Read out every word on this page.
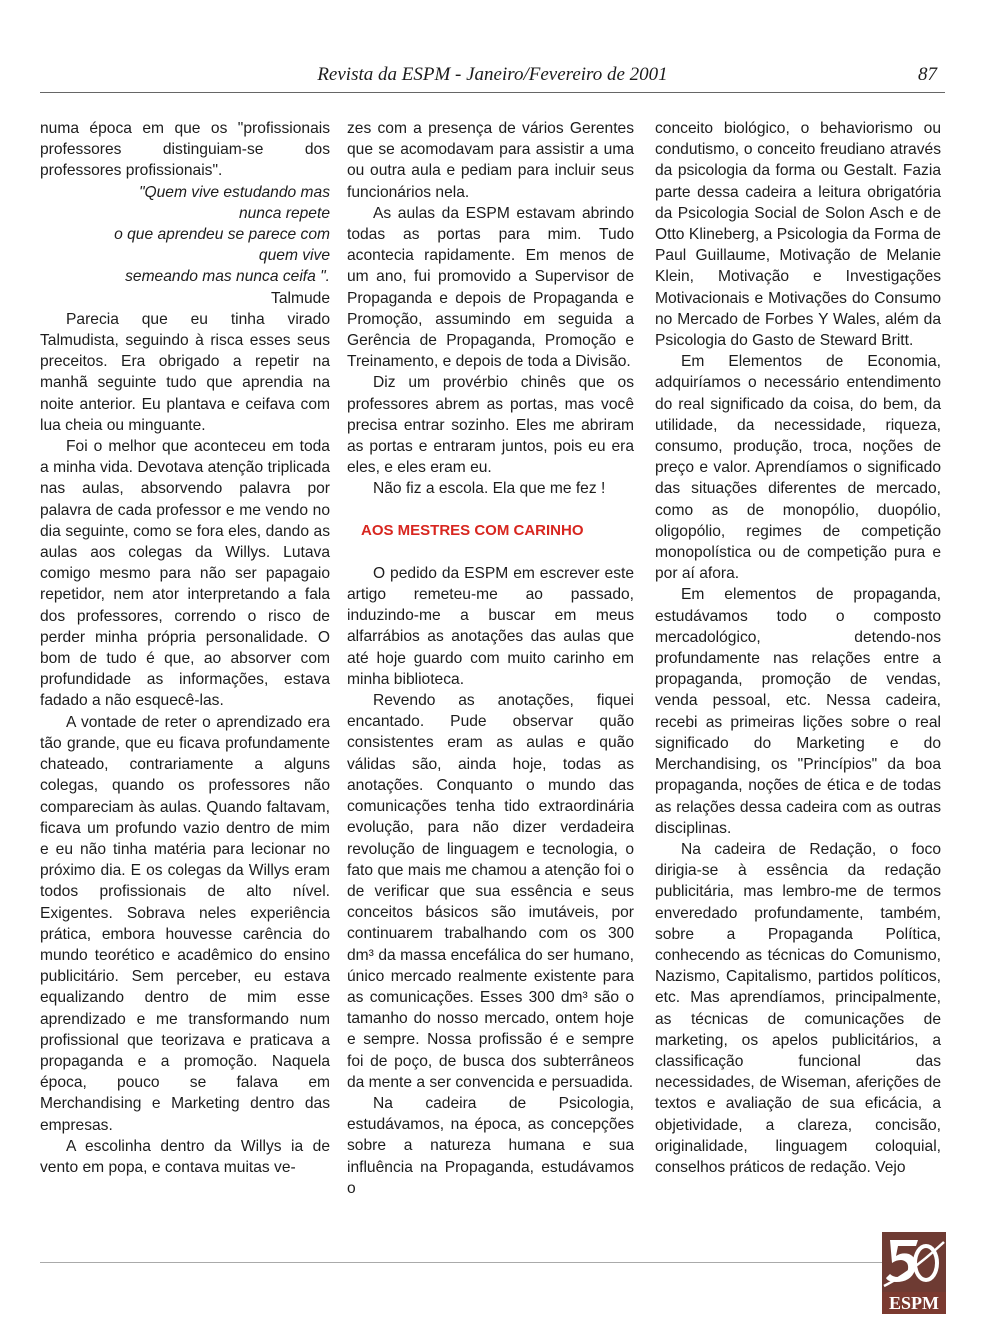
Revista da ESPM - Janeiro/Fevereiro de 2001	87

numa época em que os "profissionais professores distinguiam-se dos professores profissionais".

"Quem vive estudando mas
nunca repete
o que aprendeu se parece com
quem vive
semeando mas nunca ceifa ".
Talmude

Parecia que eu tinha virado Talmudista, seguindo à risca esses seus preceitos. Era obrigado a repetir na manhã seguinte tudo que aprendia na noite anterior. Eu plantava e ceifava com lua cheia ou minguante.

Foi o melhor que aconteceu em toda a minha vida. Devotava atenção triplicada nas aulas, absorvendo palavra por palavra de cada professor e me vendo no dia seguinte, como se fora eles, dando as aulas aos colegas da Willys. Lutava comigo mesmo para não ser papagaio repetidor, nem ator interpretando a fala dos professores, correndo o risco de perder minha própria personalidade. O bom de tudo é que, ao absorver com profundidade as informações, estava fadado a não esquecê-las.

A vontade de reter o aprendizado era tão grande, que eu ficava profundamente chateado, contrariamente a alguns colegas, quando os professores não compareciam às aulas. Quando faltavam, ficava um profundo vazio dentro de mim e eu não tinha matéria para lecionar no próximo dia. E os colegas da Willys eram todos profissionais de alto nível. Exigentes. Sobrava neles experiência prática, embora houvesse carência do mundo teorético e acadêmico do ensino publicitário. Sem perceber, eu estava equalizando dentro de mim esse aprendizado e me transformando num profissional que teorizava e praticava a propaganda e a promoção. Naquela época, pouco se falava em Merchandising e Marketing dentro das empresas.

A escolinha dentro da Willys ia de vento em popa, e contava muitas ve-

zes com a presença de vários Gerentes que se acomodavam para assistir a uma ou outra aula e pediam para incluir seus funcionários nela.

As aulas da ESPM estavam abrindo todas as portas para mim. Tudo acontecia rapidamente. Em menos de um ano, fui promovido a Supervisor de Propaganda e depois de Propaganda e Promoção, assumindo em seguida a Gerência de Propaganda, Promoção e Treinamento, e depois de toda a Divisão.

Diz um provérbio chinês que os professores abrem as portas, mas você precisa entrar sozinho. Eles me abriram as portas e entraram juntos, pois eu era eles, e eles eram eu.

Não fiz a escola. Ela que me fez !

AOS MESTRES COM CARINHO

O pedido da ESPM em escrever este artigo remeteu-me ao passado, induzindo-me a buscar em meus alfarrábios as anotações das aulas que até hoje guardo com muito carinho em minha biblioteca.

Revendo as anotações, fiquei encantado. Pude observar quão consistentes eram as aulas e quão válidas são, ainda hoje, todas as anotações. Conquanto o mundo das comunicações tenha tido extraordinária evolução, para não dizer verdadeira revolução de linguagem e tecnologia, o fato que mais me chamou a atenção foi o de verificar que sua essência e seus conceitos básicos são imutáveis, por continuarem trabalhando com os 300 dm³ da massa encefálica do ser humano, único mercado realmente existente para as comunicações. Esses 300 dm³ são o tamanho do nosso mercado, ontem hoje e sempre. Nossa profissão é e sempre foi de poço, de busca dos subterrâneos da mente a ser convencida e persuadida.

Na cadeira de Psicologia, estudávamos, na época, as concepções sobre a natureza humana e sua influência na Propaganda, estudávamos o

conceito biológico, o behaviorismo ou condutismo, o conceito freudiano através da psicologia da forma ou Gestalt. Fazia parte dessa cadeira a leitura obrigatória da Psicologia Social de Solon Asch e de Otto Klineberg, a Psicologia da Forma de Paul Guillaume, Motivação de Melanie Klein, Motivação e Investigações Motivacionais e Motivações do Consumo no Mercado de Forbes Y Wales, além da Psicologia do Gasto de Steward Britt.

Em Elementos de Economia, adquiríamos o necessário entendimento do real significado da coisa, do bem, da utilidade, da necessidade, riqueza, consumo, produção, troca, noções de preço e valor. Aprendíamos o significado das situações diferentes de mercado, como as de monopólio, duopólio, oligopólio, regimes de competição monopolística ou de competição pura e por aí afora.

Em elementos de propaganda, estudávamos todo o composto mercadológico, detendo-nos profundamente nas relações entre a propaganda, promoção de vendas, venda pessoal, etc. Nessa cadeira, recebi as primeiras lições sobre o real significado do Marketing e do Merchandising, os "Princípios" da boa propaganda, noções de ética e de todas as relações dessa cadeira com as outras disciplinas.

Na cadeira de Redação, o foco dirigia-se à essência da redação publicitária, mas lembro-me de termos enveredado profundamente, também, sobre a Propaganda Política, conhecendo as técnicas do Comunismo, Nazismo, Capitalismo, partidos políticos, etc. Mas aprendíamos, principalmente, as técnicas de comunicações de marketing, os apelos publicitários, a classificação funcional das necessidades, de Wiseman, aferições de textos e avaliação de sua eficácia, a objetividade, a clareza, concisão, originalidade, linguagem coloquial, conselhos práticos de redação. Vejo

ESPM
